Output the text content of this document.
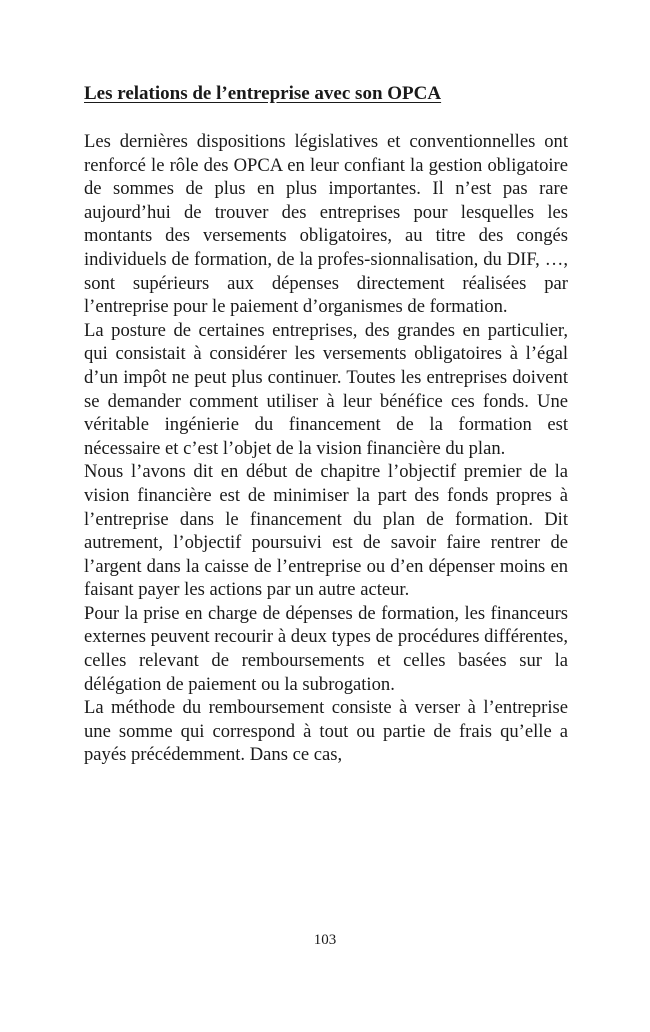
Les relations de l’entreprise avec son OPCA

Les dernières dispositions législatives et conventionnelles ont renforcé le rôle des OPCA en leur confiant la gestion obligatoire de sommes de plus en plus importantes. Il n’est pas rare aujourd’hui de trouver des entreprises pour lesquelles les montants des versements obligatoires, au titre des congés individuels de formation, de la profes-sionnalisation, du DIF, …, sont supérieurs aux dépenses directement réalisées par l’entreprise pour le paiement d’organismes de formation.

La posture de certaines entreprises, des grandes en particulier, qui consistait à considérer les versements obligatoires à l’égal d’un impôt ne peut plus continuer. Toutes les entreprises doivent se demander comment utiliser à leur bénéfice ces fonds. Une véritable ingénierie du financement de la formation est nécessaire et c’est l’objet de la vision financière du plan.

Nous l’avons dit en début de chapitre l’objectif premier de la vision financière est de minimiser la part des fonds propres à l’entreprise dans le financement du plan de formation. Dit autrement, l’objectif poursuivi est de savoir faire rentrer de l’argent dans la caisse de l’entreprise ou d’en dépenser moins en faisant payer les actions par un autre acteur.

Pour la prise en charge de dépenses de formation, les financeurs externes peuvent recourir à deux types de procédures différentes, celles relevant de remboursements et celles basées sur la délégation de paiement ou la subrogation.

La méthode du remboursement consiste à verser à l’entreprise une somme qui correspond à tout ou partie de frais qu’elle a payés précédemment. Dans ce cas,

103
